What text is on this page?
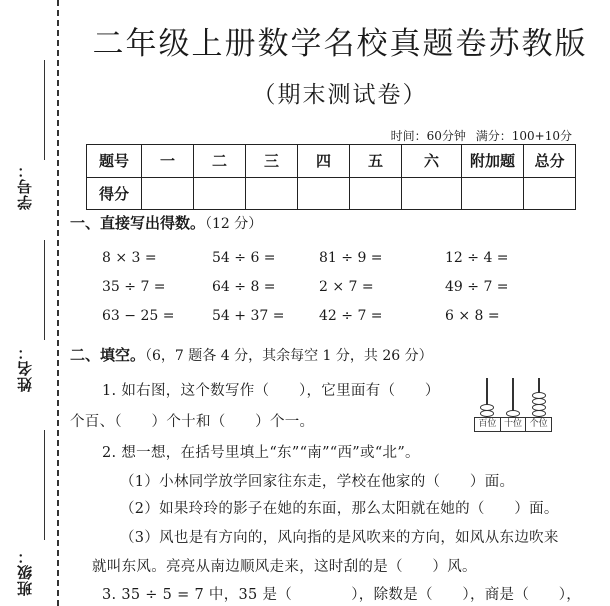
学号：
姓名：
班级：
二年级上册数学名校真题卷苏教版
（期末测试卷）
时间：60分钟 满分：100+10分
题号	一	二	三	四	五	六	附加题	总分
得分								
一、直接写出得数。（12 分）
8 × 3 =	54 ÷ 6 =	81 ÷ 9 =	12 ÷ 4 =
35 ÷ 7 =	64 ÷ 8 =	2 × 7 =	49 ÷ 7 =
63 − 25 =	54 + 37 =	42 ÷ 7 =	6 × 8 =
二、填空。（6，7 题各 4 分，其余每空 1 分，共 26 分）
1. 如右图，这个数写作（　　），它里面有（　　）
个百、（　　）个十和（　　）个一。	百位 十位 个位
2. 想一想，在括号里填上“东”“南”“西”或“北”。
（1）小林同学放学回家往东走，学校在他家的（　　）面。
（2）如果玲玲的影子在她的东面，那么太阳就在她的（　　）面。
（3）风也是有方向的，风向指的是风吹来的方向，如风从东边吹来
就叫东风。亮亮从南边顺风走来，这时刮的是（　　）风。
3. 35 ÷ 5 = 7 中，35 是（　　　　），除数是（　　），商是（　　），
